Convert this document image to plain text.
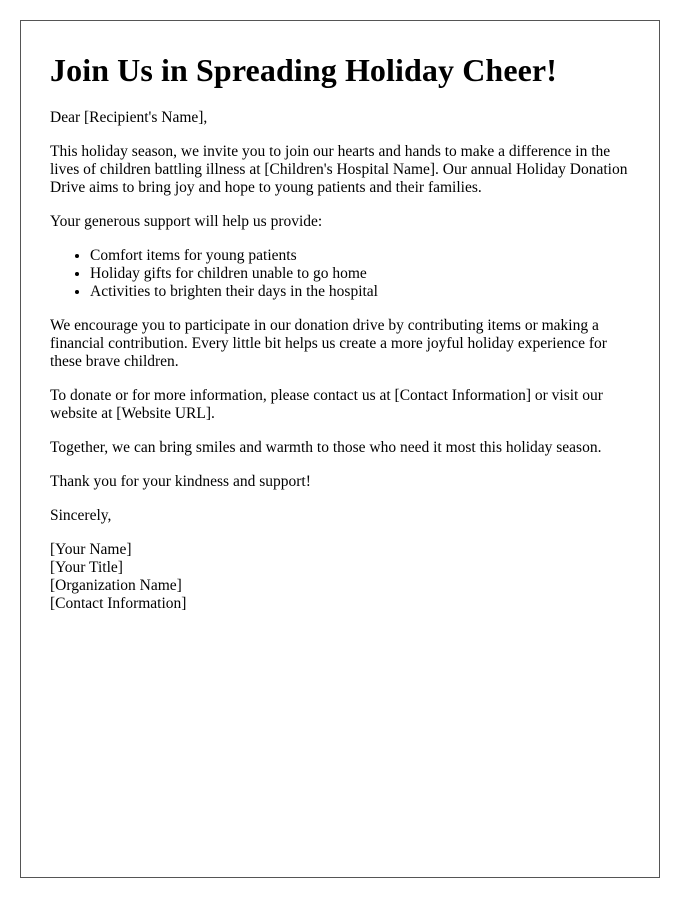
Join Us in Spreading Holiday Cheer!

Dear [Recipient's Name],

This holiday season, we invite you to join our hearts and hands to make a difference in the lives of children battling illness at [Children's Hospital Name]. Our annual Holiday Donation Drive aims to bring joy and hope to young patients and their families.

Your generous support will help us provide:

• Comfort items for young patients
• Holiday gifts for children unable to go home
• Activities to brighten their days in the hospital

We encourage you to participate in our donation drive by contributing items or making a financial contribution. Every little bit helps us create a more joyful holiday experience for these brave children.

To donate or for more information, please contact us at [Contact Information] or visit our website at [Website URL].

Together, we can bring smiles and warmth to those who need it most this holiday season.

Thank you for your kindness and support!

Sincerely,

[Your Name]

[Your Title]

[Organization Name]

[Contact Information]
